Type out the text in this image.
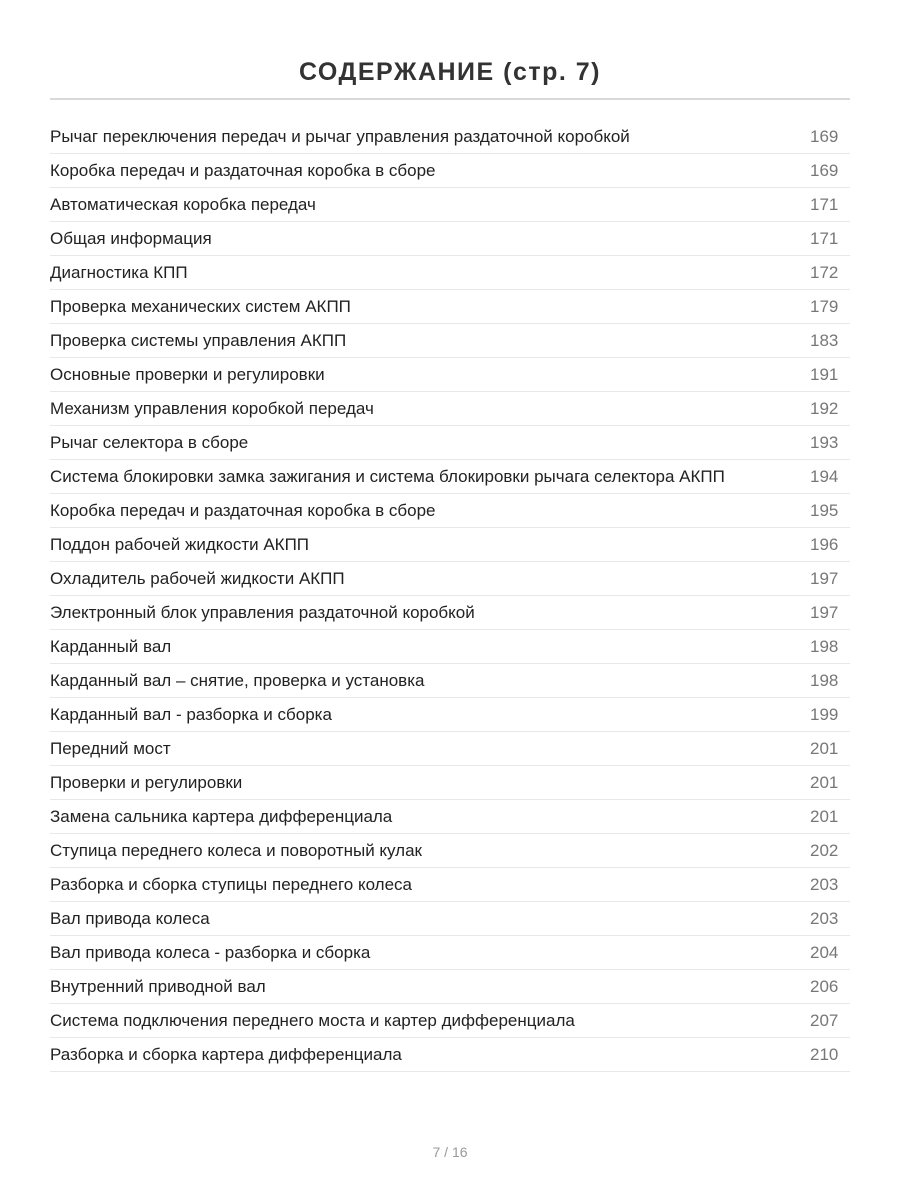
СОДЕРЖАНИЕ (стр. 7)
Рычаг переключения передач и рычаг управления раздаточной коробкой	169
Коробка передач и раздаточная коробка в сборе	169
Автоматическая коробка передач	171
Общая информация	171
Диагностика КПП	172
Проверка механических систем АКПП	179
Проверка системы управления АКПП	183
Основные проверки и регулировки	191
Механизм управления коробкой передач	192
Рычаг селектора в сборе	193
Система блокировки замка зажигания и система блокировки рычага селектора АКПП	194
Коробка передач и раздаточная коробка в сборе	195
Поддон рабочей жидкости АКПП	196
Охладитель рабочей жидкости АКПП	197
Электронный блок управления раздаточной коробкой	197
Карданный вал	198
Карданный вал – снятие, проверка и установка	198
Карданный вал - разборка и сборка	199
Передний мост	201
Проверки и регулировки	201
Замена сальника картера дифференциала	201
Ступица переднего колеса и поворотный кулак	202
Разборка и сборка ступицы переднего колеса	203
Вал привода колеса	203
Вал привода колеса - разборка и сборка	204
Внутренний приводной вал	206
Система подключения переднего моста и картер дифференциала	207
Разборка и сборка картера дифференциала	210
7 / 16
